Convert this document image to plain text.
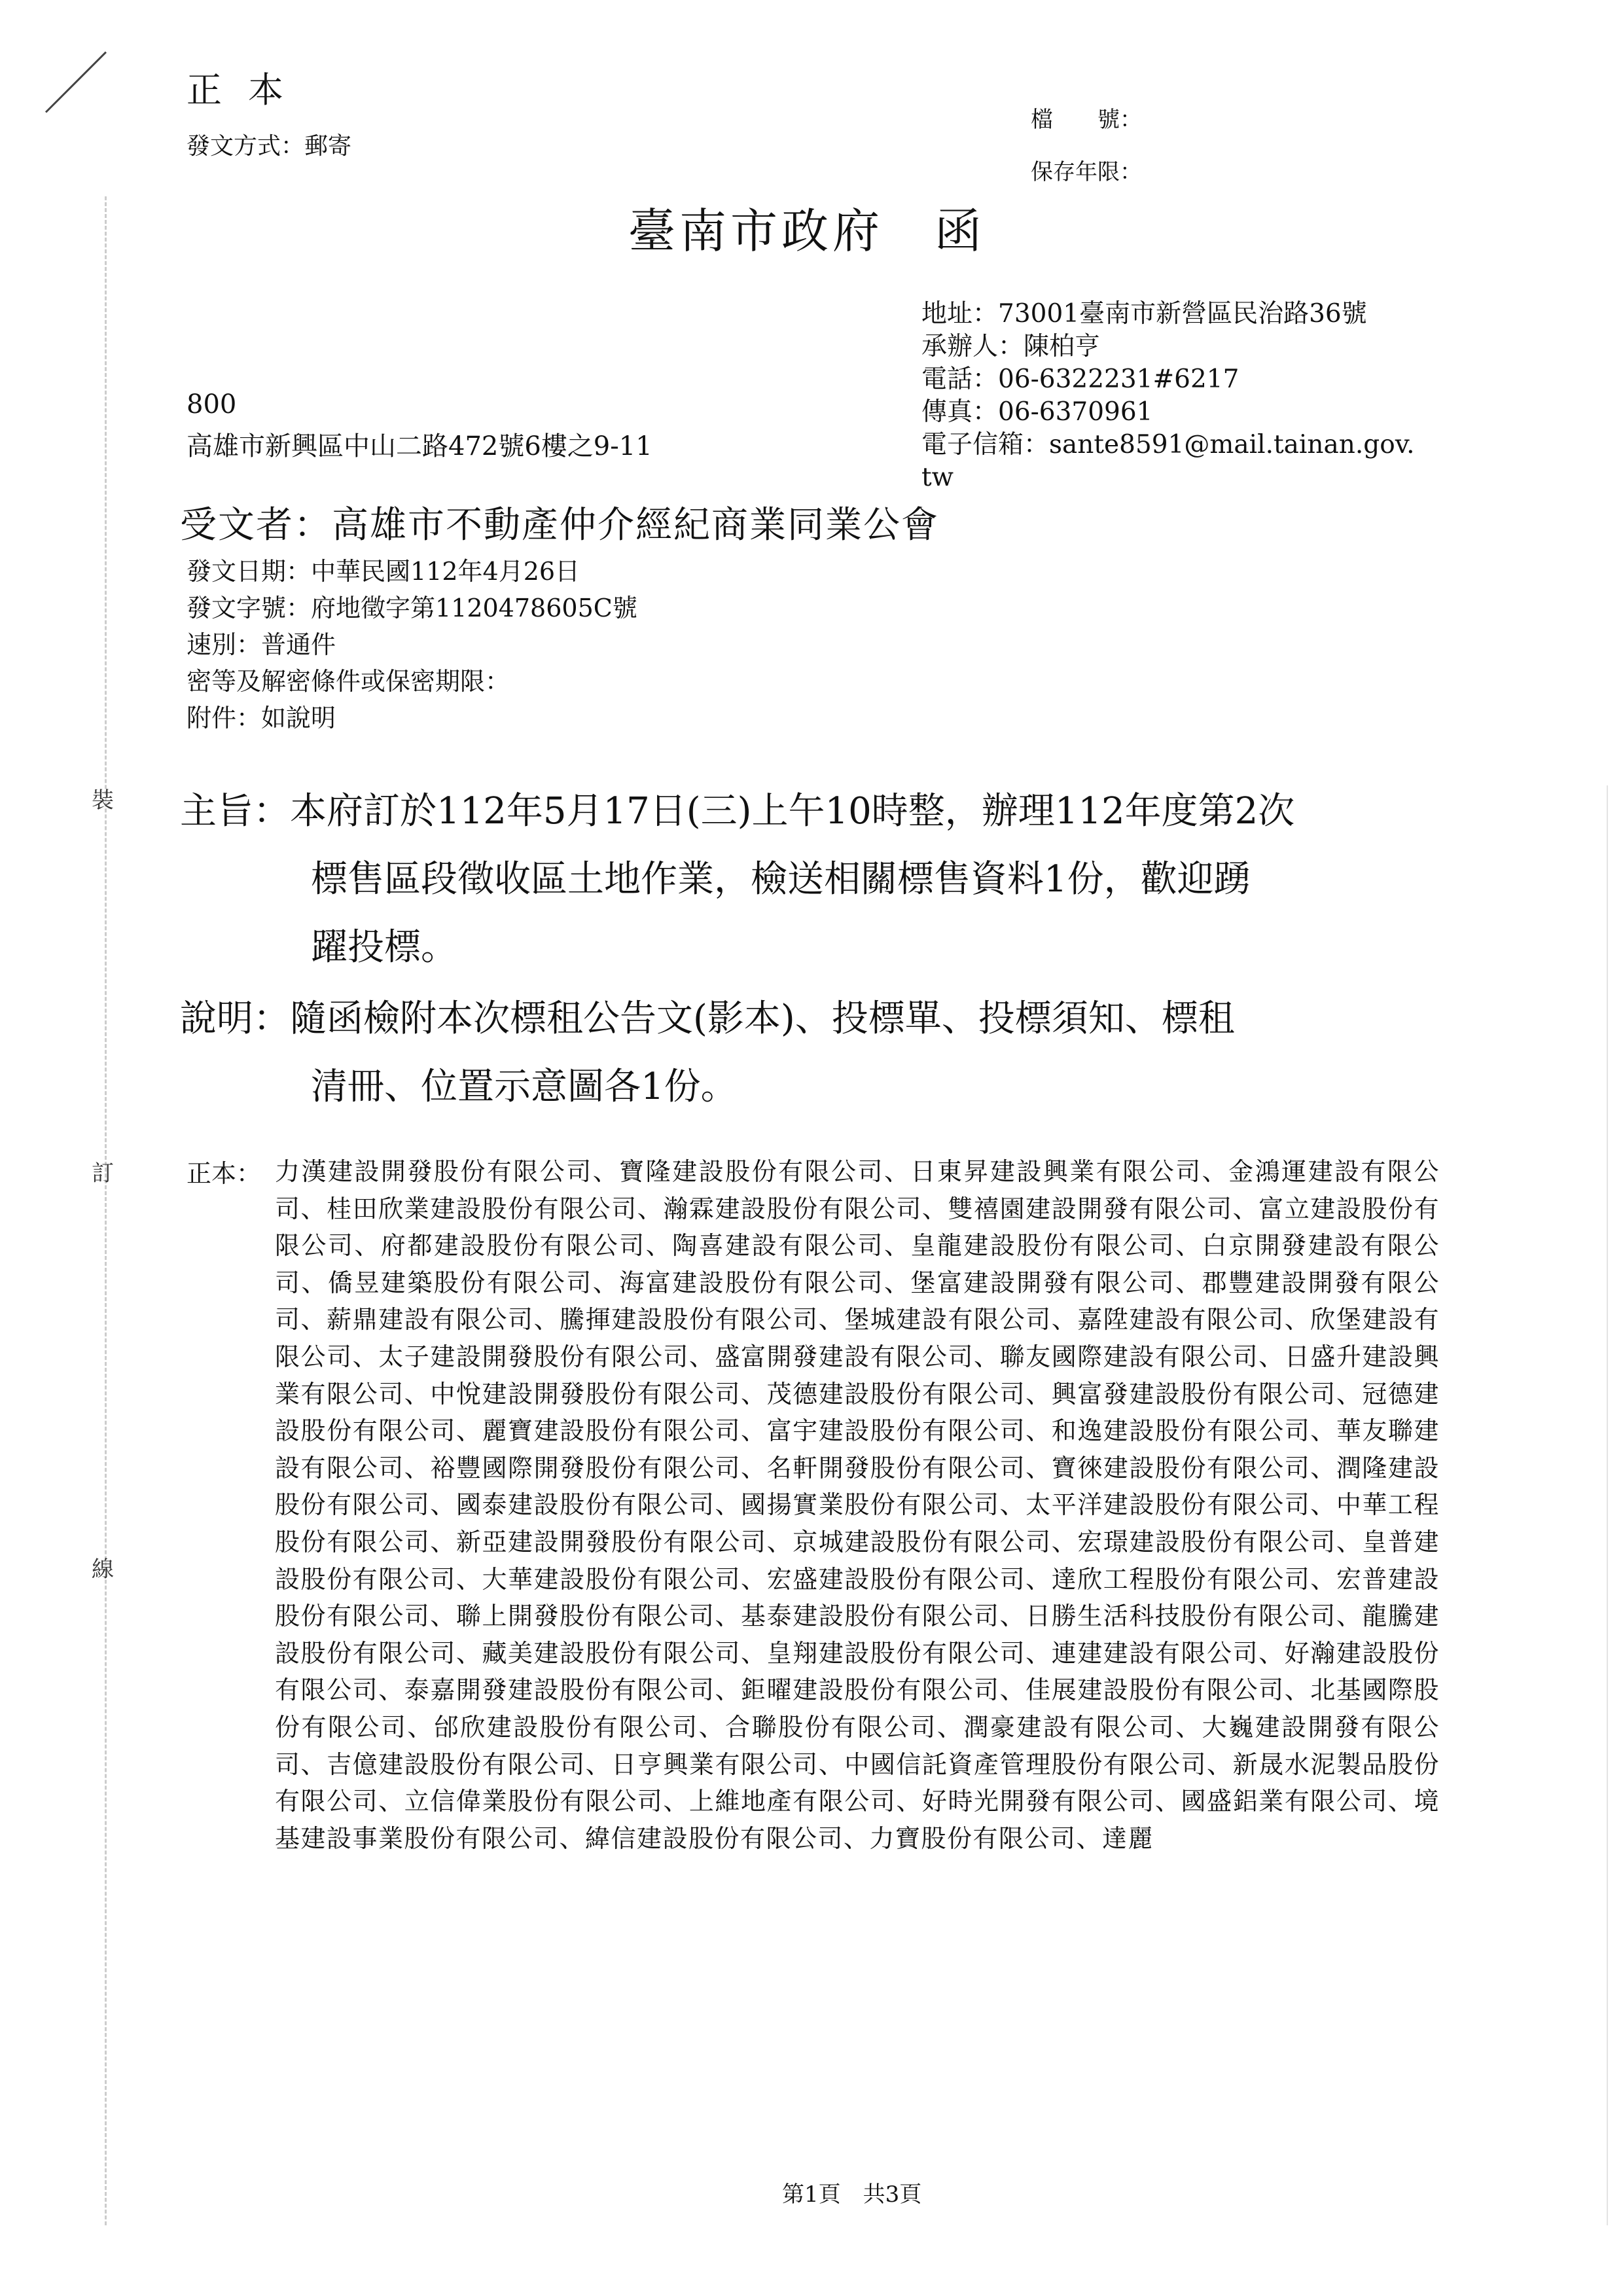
裝
訂
線
正本
發文方式：郵寄
檔　　號：
保存年限：
臺南市政府　函
地址：73001臺南市新營區民治路36號
承辦人：陳柏亨
電話：06-6322231#6217
傳真：06-6370961
電子信箱：sante8591@mail.tainan.gov.
tw
800
高雄市新興區中山二路472號6樓之9-11
受文者：高雄市不動產仲介經紀商業同業公會
發文日期：中華民國112年4月26日
發文字號：府地徵字第1120478605C號
速別：普通件
密等及解密條件或保密期限：
附件：如說明
主旨：本府訂於112年5月17日(三)上午10時整，辦理112年度第2次
標售區段徵收區土地作業，檢送相關標售資料1份，歡迎踴
躍投標。
說明：隨函檢附本次標租公告文(影本)、投標單、投標須知、標租
清冊、位置示意圖各1份。
正本： 力漢建設開發股份有限公司、寶隆建設股份有限公司、日東昇建設興業有限公司、金鴻運建設有限公司、桂田欣業建設股份有限公司、瀚霖建設股份有限公司、雙禧園建設開發有限公司、富立建設股份有限公司、府都建設股份有限公司、陶喜建設有限公司、皇龍建設股份有限公司、白京開發建設有限公司、僑昱建築股份有限公司、海富建設股份有限公司、堡富建設開發有限公司、郡豐建設開發有限公司、薪鼎建設有限公司、騰揮建設股份有限公司、堡城建設有限公司、嘉陞建設有限公司、欣堡建設有限公司、太子建設開發股份有限公司、盛富開發建設有限公司、聯友國際建設有限公司、日盛升建設興業有限公司、中悅建設開發股份有限公司、茂德建設股份有限公司、興富發建設股份有限公司、冠德建設股份有限公司、麗寶建設股份有限公司、富宇建設股份有限公司、和逸建設股份有限公司、華友聯建設有限公司、裕豐國際開發股份有限公司、名軒開發股份有限公司、寶徠建設股份有限公司、潤隆建設股份有限公司、國泰建設股份有限公司、國揚實業股份有限公司、太平洋建設股份有限公司、中華工程股份有限公司、新亞建設開發股份有限公司、京城建設股份有限公司、宏璟建設股份有限公司、皇普建設股份有限公司、大華建設股份有限公司、宏盛建設股份有限公司、達欣工程股份有限公司、宏普建設股份有限公司、聯上開發股份有限公司、基泰建設股份有限公司、日勝生活科技股份有限公司、龍騰建設股份有限公司、藏美建設股份有限公司、皇翔建設股份有限公司、連建建設有限公司、好瀚建設股份有限公司、泰嘉開發建設股份有限公司、鉅曜建設股份有限公司、佳展建設股份有限公司、北基國際股份有限公司、邰欣建設股份有限公司、合聯股份有限公司、潤豪建設有限公司、大巍建設開發有限公司、吉億建設股份有限公司、日亨興業有限公司、中國信託資產管理股份有限公司、新晟水泥製品股份有限公司、立信偉業股份有限公司、上維地產有限公司、好時光開發有限公司、國盛鋁業有限公司、境基建設事業股份有限公司、緯信建設股份有限公司、力寶股份有限公司、達麗
第1頁　共3頁
